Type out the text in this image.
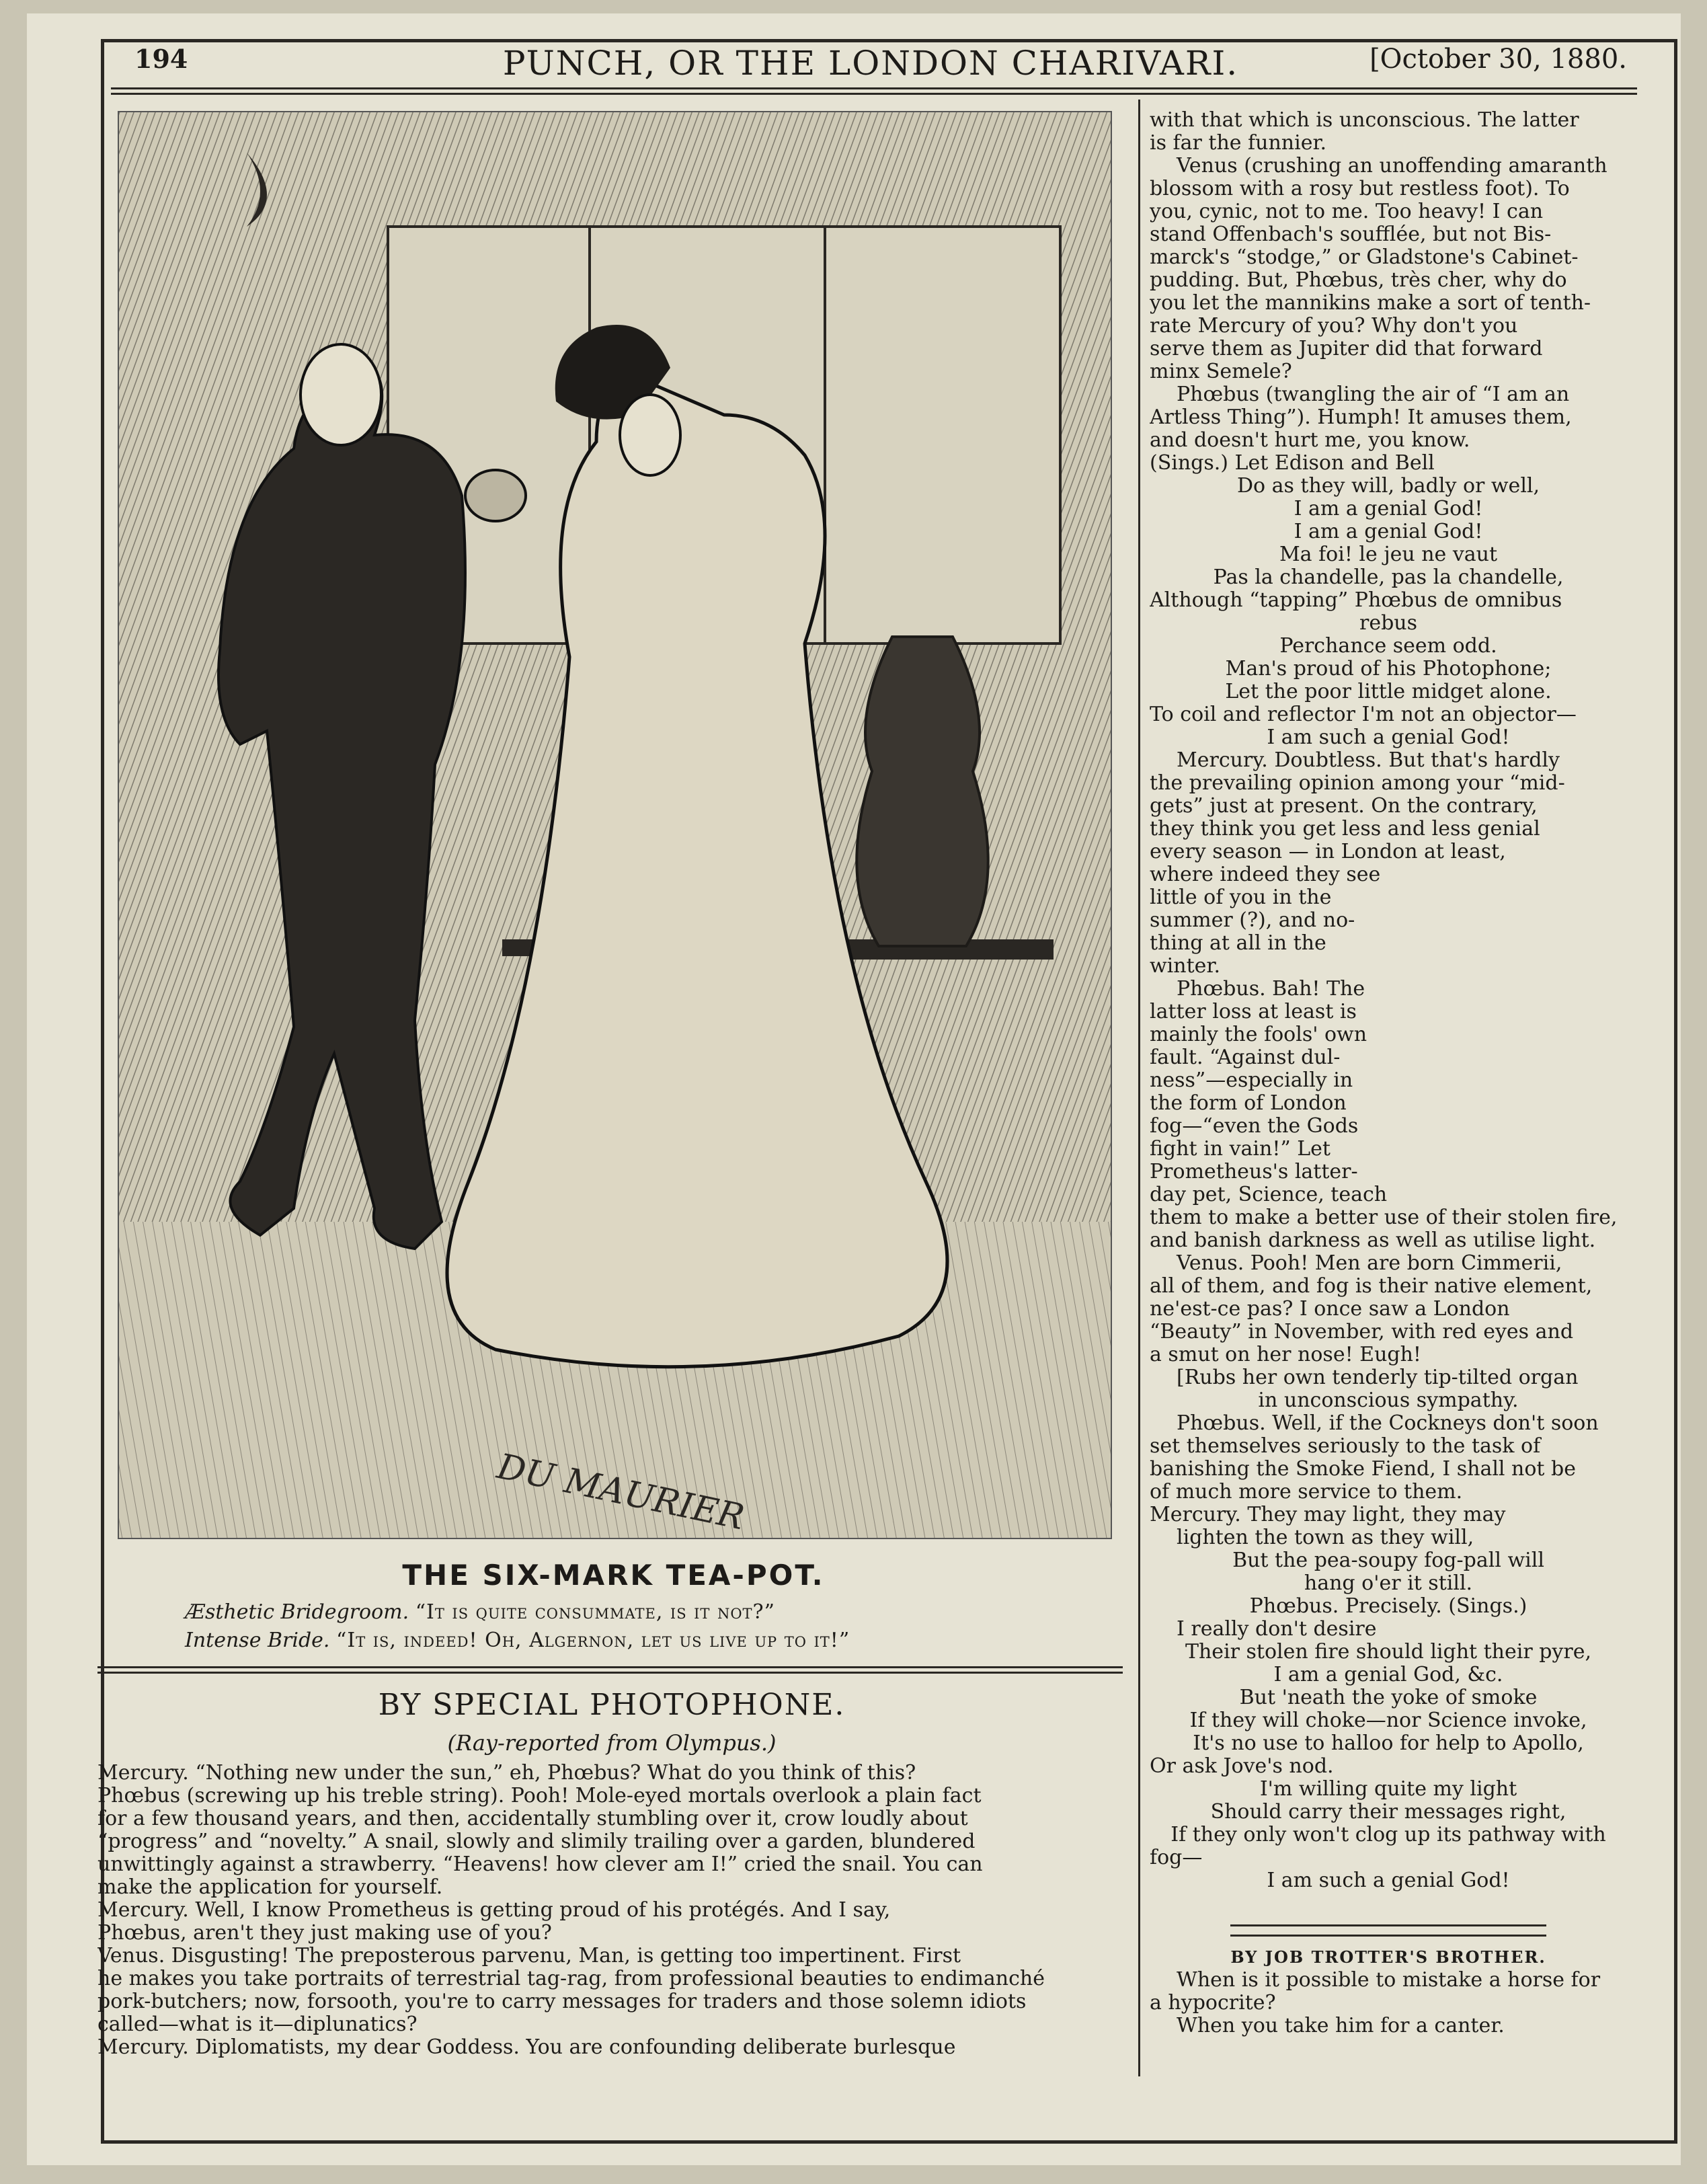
194	PUNCH, OR THE LONDON CHARIVARI.	[October 30, 1880.
DU MAURIER
THE SIX-MARK TEA-POT.
Æsthetic Bridegroom. “It is quite consummate, is it not?”
Intense Bride. “It is, indeed! Oh, Algernon, let us live up to it!”
BY SPECIAL PHOTOPHONE.
(Ray-reported from Olympus.)
Mercury. “Nothing new under the sun,” eh, Phœbus? What do you think of this?
Phœbus (screwing up his treble string). Pooh! Mole-eyed mortals overlook a plain fact
for a few thousand years, and then, accidentally stumbling over it, crow loudly about
“progress” and “novelty.” A snail, slowly and slimily trailing over a garden, blundered
unwittingly against a strawberry. “Heavens! how clever am I!” cried the snail. You can
make the application for yourself.
Mercury. Well, I know Prometheus is getting proud of his protégés. And I say,
Phœbus, aren't they just making use of you?
Venus. Disgusting! The preposterous parvenu, Man, is getting too impertinent. First
he makes you take portraits of terrestrial tag-rag, from professional beauties to endimanché
pork-butchers; now, forsooth, you're to carry messages for traders and those solemn idiots
called—what is it—diplunatics?
Mercury. Diplomatists, my dear Goddess. You are confounding deliberate burlesque
with that which is unconscious. The latter
is far the funnier.
Venus (crushing an unoffending amaranth
blossom with a rosy but restless foot). To
you, cynic, not to me. Too heavy! I can
stand Offenbach's soufflée, but not Bis-
marck's “stodge,” or Gladstone's Cabinet-
pudding. But, Phœbus, très cher, why do
you let the mannikins make a sort of tenth-
rate Mercury of you? Why don't you
serve them as Jupiter did that forward
minx Semele?
Phœbus (twangling the air of “I am an
Artless Thing”). Humph! It amuses them,
and doesn't hurt me, you know.
(Sings.) Let Edison and Bell
Do as they will, badly or well,
I am a genial God!
I am a genial God!
Ma foi! le jeu ne vaut
Pas la chandelle, pas la chandelle,
Although “tapping” Phœbus de omnibus
rebus
Perchance seem odd.
Man's proud of his Photophone;
Let the poor little midget alone.
To coil and reflector I'm not an objector—
I am such a genial God!
Mercury. Doubtless. But that's hardly
the prevailing opinion among your “mid-
gets” just at present. On the contrary,
they think you get less and less genial
every season — in London at least,
where indeed they see
little of you in the
summer (?), and no-
thing at all in the
winter.
Phœbus. Bah! The
latter loss at least is
mainly the fools' own
fault. “Against dul-
ness”—especially in
the form of London
fog—“even the Gods
fight in vain!” Let
Prometheus's latter-
day pet, Science, teach
them to make a better use of their stolen fire,
and banish darkness as well as utilise light.
Venus. Pooh! Men are born Cimmerii,
all of them, and fog is their native element,
ne'est-ce pas? I once saw a London
“Beauty” in November, with red eyes and
a smut on her nose! Eugh!
[Rubs her own tenderly tip-tilted organ
in unconscious sympathy.
Phœbus. Well, if the Cockneys don't soon
set themselves seriously to the task of
banishing the Smoke Fiend, I shall not be
of much more service to them.
Mercury. They may light, they may
lighten the town as they will,
But the pea-soupy fog-pall will
hang o'er it still.
Phœbus. Precisely. (Sings.)
I really don't desire
Their stolen fire should light their pyre,
I am a genial God, &c.
But 'neath the yoke of smoke
If they will choke—nor Science invoke,
It's no use to halloo for help to Apollo,
Or ask Jove's nod.
I'm willing quite my light
Should carry their messages right,
If they only won't clog up its pathway with
fog—
I am such a genial God!
BY JOB TROTTER'S BROTHER.
When is it possible to mistake a horse for
a hypocrite?
When you take him for a canter.
